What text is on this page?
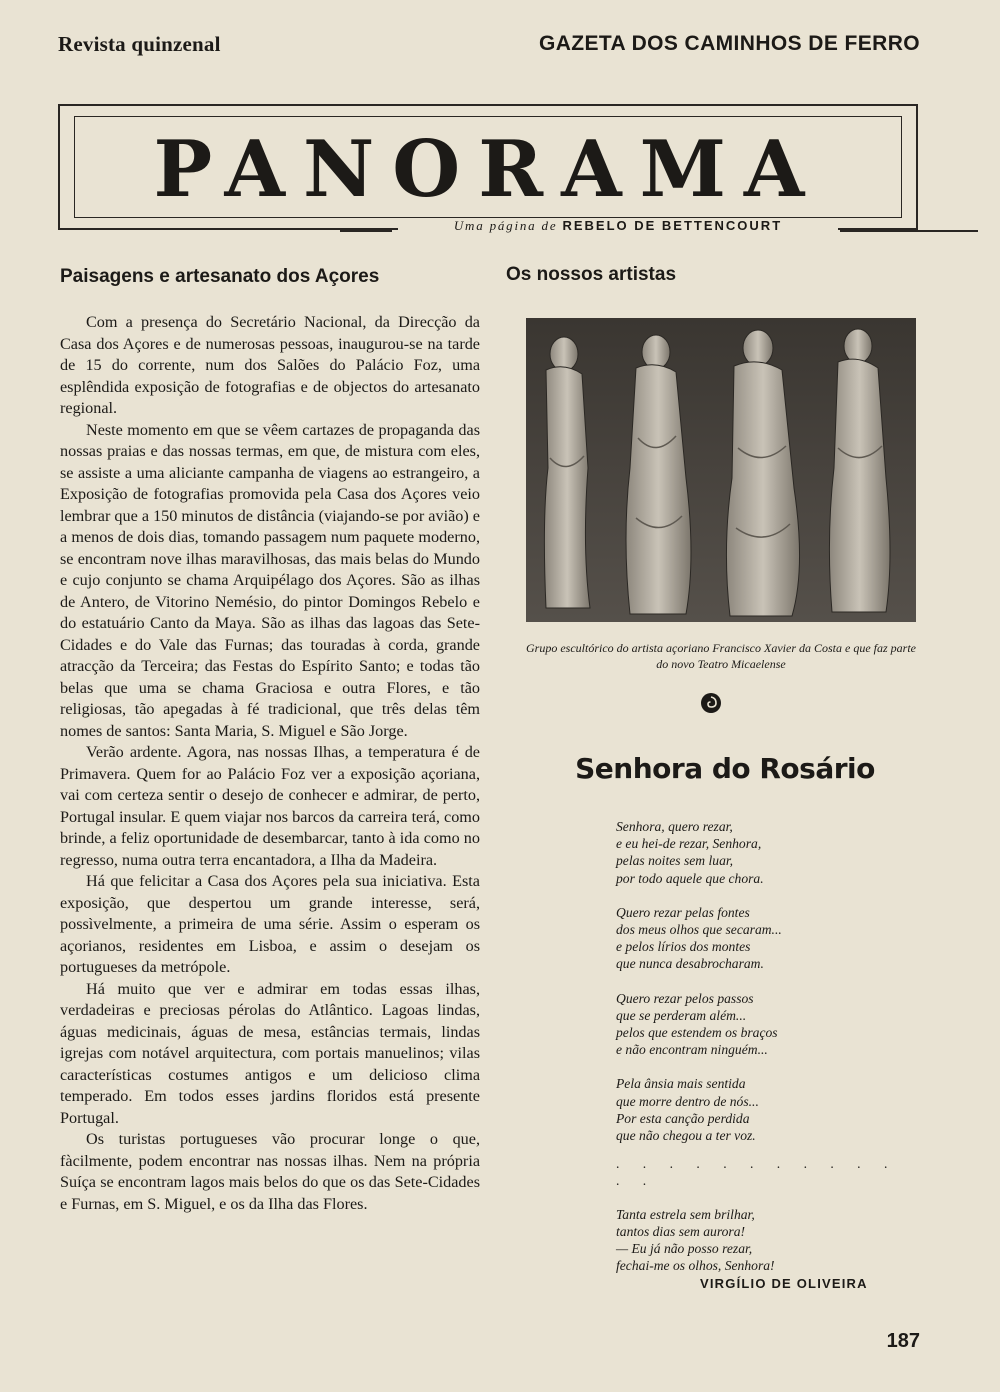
Revista quinzenal	GAZETA DOS CAMINHOS DE FERRO
PANORAMA
Uma página de REBELO DE BETTENCOURT
Paisagens e artesanato dos Açores	Os nossos artistas

Com a presença do Secretário Nacional, da Direcção da Casa dos Açores e de numerosas pessoas, inaugurou-se na tarde de 15 do corrente, num dos Salões do Palácio Foz, uma esplêndida exposição de fotografias e de objectos do artesanato regional.

Neste momento em que se vêem cartazes de propaganda das nossas praias e das nossas termas, em que, de mistura com eles, se assiste a uma aliciante campanha de viagens ao estrangeiro, a Exposição de fotografias promovida pela Casa dos Açores veio lembrar que a 150 minutos de distância (viajando-se por avião) e a menos de dois dias, tomando passagem num paquete moderno, se encontram nove ilhas maravilhosas, das mais belas do Mundo e cujo conjunto se chama Arquipélago dos Açores. São as ilhas de Antero, de Vitorino Nemésio, do pintor Domingos Rebelo e do estatuário Canto da Maya. São as ilhas das lagoas das Sete-Cidades e do Vale das Furnas; das touradas à corda, grande atracção da Terceira; das Festas do Espírito Santo; e todas tão belas que uma se chama Graciosa e outra Flores, e tão religiosas, tão apegadas à fé tradicional, que três delas têm nomes de santos: Santa Maria, S. Miguel e São Jorge.

Verão ardente. Agora, nas nossas Ilhas, a temperatura é de Primavera. Quem for ao Palácio Foz ver a exposição açoriana, vai com certeza sentir o desejo de conhecer e admirar, de perto, Portugal insular. E quem viajar nos barcos da carreira terá, como brinde, a feliz oportunidade de desembarcar, tanto à ida como no regresso, numa outra terra encantadora, a Ilha da Madeira.

Há que felicitar a Casa dos Açores pela sua iniciativa. Esta exposição, que despertou um grande interesse, será, possìvelmente, a primeira de uma série. Assim o esperam os açorianos, residentes em Lisboa, e assim o desejam os portugueses da metrópole.

Há muito que ver e admirar em todas essas ilhas, verdadeiras e preciosas pérolas do Atlântico. Lagoas lindas, águas medicinais, águas de mesa, estâncias termais, lindas igrejas com notável arquitectura, com portais manuelinos; vilas características costumes antigos e um delicioso clima temperado. Em todos esses jardins floridos está presente Portugal.

Os turistas portugueses vão procurar longe o que, fàcilmente, podem encontrar nas nossas ilhas. Nem na própria Suíça se encontram lagos mais belos do que os das Sete-Cidades e Furnas, em S. Miguel, e os da Ilha das Flores.

Grupo escultórico do artista açoriano Francisco Xavier da Costa e que faz parte do novo Teatro Micaelense
Senhora do Rosário
Senhora, quero rezar,
e eu hei-de rezar, Senhora,
pelas noites sem luar,
por todo aquele que chora.
Quero rezar pelas fontes
dos meus olhos que secaram...
e pelos lírios dos montes
que nunca desabrocharam.
Quero rezar pelos passos
que se perderam além...
pelos que estendem os braços
e não encontram ninguém...
Pela ânsia mais sentida
que morre dentro de nós...
Por esta canção perdida
que não chegou a ter voz.
. . . . . . . . . . . . .
Tanta estrela sem brilhar,
tantos dias sem aurora!
— Eu já não posso rezar,
fechai-me os olhos, Senhora!
VIRGÍLIO DE OLIVEIRA
187
